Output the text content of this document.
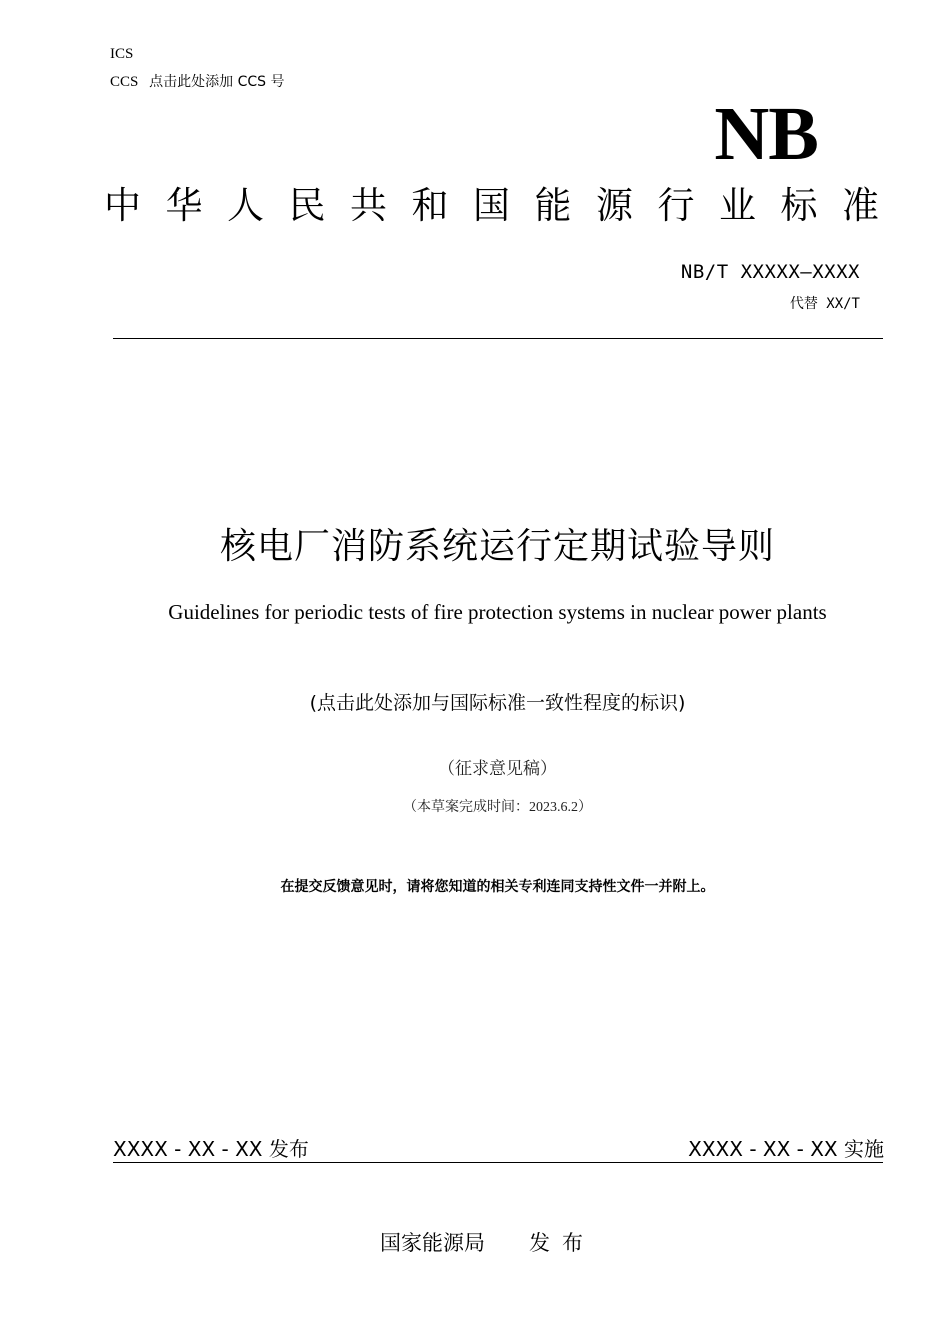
ICS
CCS 点击此处添加 CCS 号
NB
中华人民共和国能源行业标准
NB/T XXXXX—XXXX
代替 XX/T
核电厂消防系统运行定期试验导则
Guidelines for periodic tests of fire protection systems in nuclear power plants
(点击此处添加与国际标准一致性程度的标识)
（征求意见稿）
（本草案完成时间：2023.6.2）
在提交反馈意见时，请将您知道的相关专利连同支持性文件一并附上。
XXXX - XX - XX 发布	XXXX - XX - XX 实施
国家能源局 发布
